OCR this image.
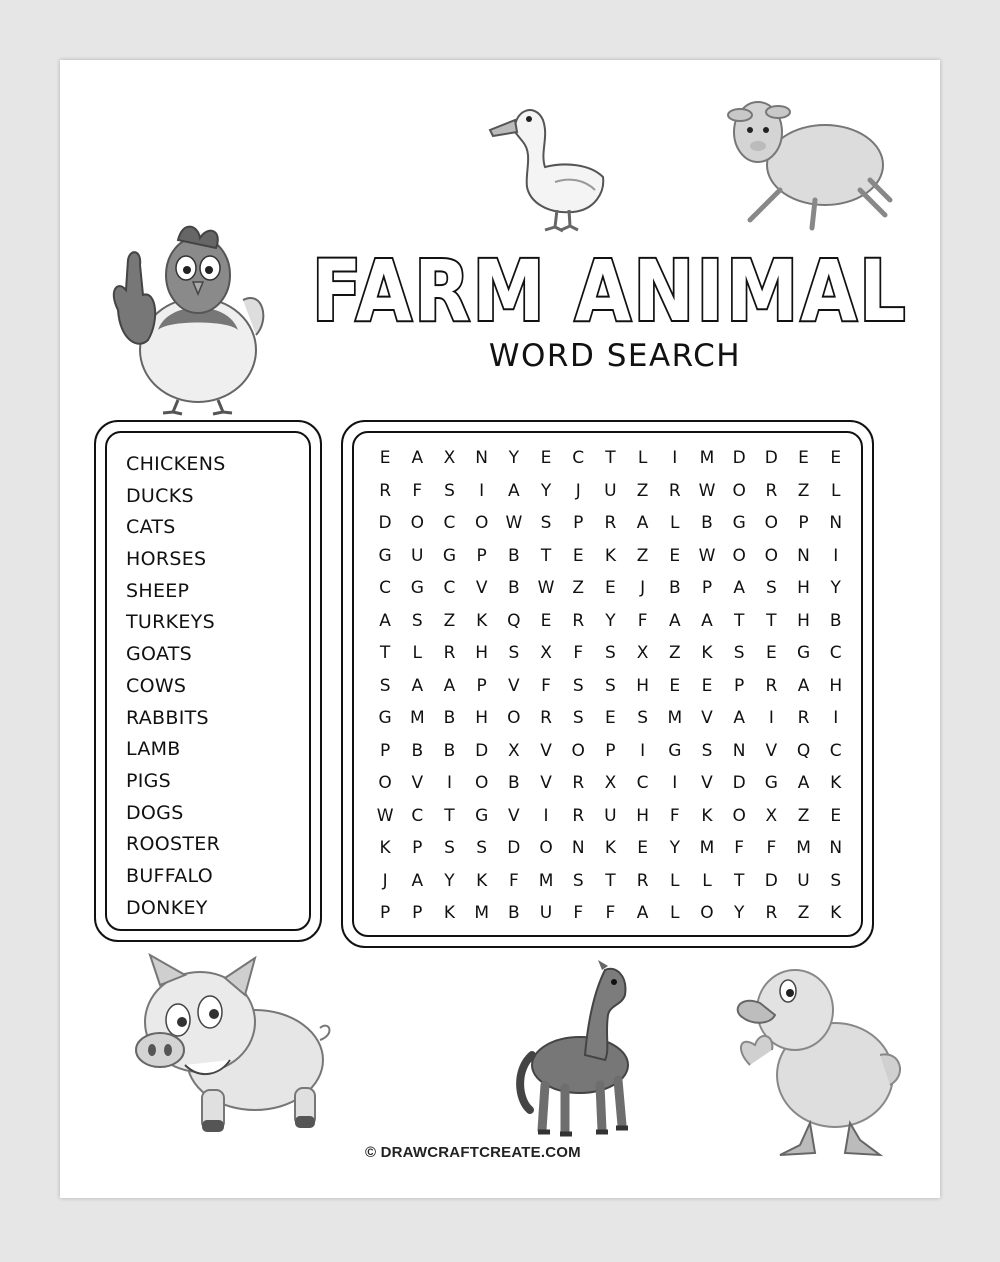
FARM ANIMAL
WORD SEARCH
CHICKENS
DUCKS
CATS
HORSES
SHEEP
TURKEYS
GOATS
COWS
RABBITS
LAMB
PIGS
DOGS
ROOSTER
BUFFALO
DONKEY
E	A	X	N	Y	E	C	T	L	I	M	D	D	E	E
R	F	S	I	A	Y	J	U	Z	R	W	O	R	Z	L
D	O	C	O	W	S	P	R	A	L	B	G	O	P	N
G	U	G	P	B	T	E	K	Z	E	W	O	O	N	I
C	G	C	V	B	W	Z	E	J	B	P	A	S	H	Y
A	S	Z	K	Q	E	R	Y	F	A	A	T	T	H	B
T	L	R	H	S	X	F	S	X	Z	K	S	E	G	C
S	A	A	P	V	F	S	S	H	E	E	P	R	A	H
G	M	B	H	O	R	S	E	S	M	V	A	I	R	I
P	B	B	D	X	V	O	P	I	G	S	N	V	Q	C
O	V	I	O	B	V	R	X	C	I	V	D	G	A	K
W	C	T	G	V	I	R	U	H	F	K	O	X	Z	E
K	P	S	S	D	O	N	K	E	Y	M	F	F	M	N
J	A	Y	K	F	M	S	T	R	L	L	T	D	U	S
P	P	K	M	B	U	F	F	A	L	O	Y	R	Z	K
© DRAWCRAFTCREATE.COM
